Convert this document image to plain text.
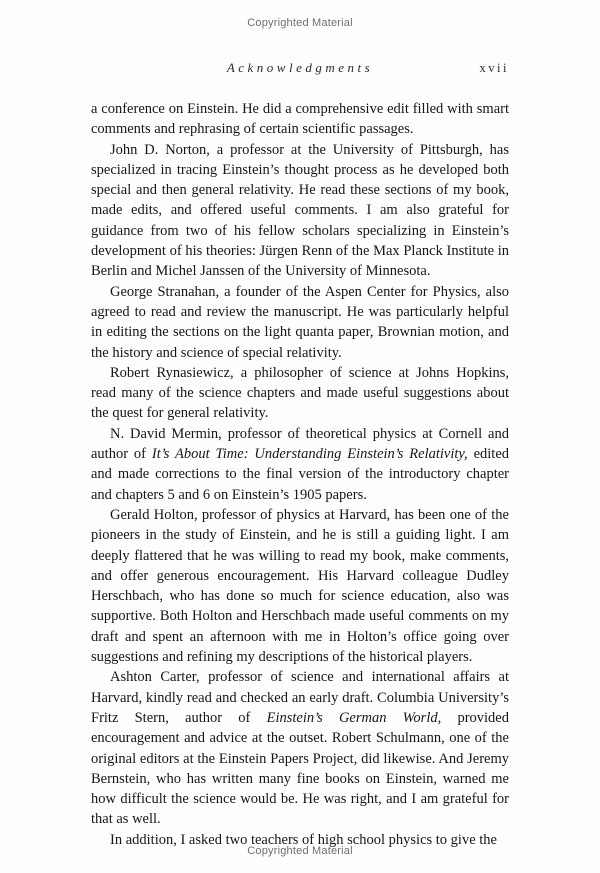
Copyrighted Material
Acknowledgments	xvii

a conference on Einstein. He did a comprehensive edit filled with smart comments and rephrasing of certain scientific passages.

John D. Norton, a professor at the University of Pittsburgh, has specialized in tracing Einstein’s thought process as he developed both special and then general relativity. He read these sections of my book, made edits, and offered useful comments. I am also grateful for guidance from two of his fellow scholars specializing in Einstein’s development of his theories: Jürgen Renn of the Max Planck Institute in Berlin and Michel Janssen of the University of Minnesota.

George Stranahan, a founder of the Aspen Center for Physics, also agreed to read and review the manuscript. He was particularly helpful in editing the sections on the light quanta paper, Brownian motion, and the history and science of special relativity.

Robert Rynasiewicz, a philosopher of science at Johns Hopkins, read many of the science chapters and made useful suggestions about the quest for general relativity.

N. David Mermin, professor of theoretical physics at Cornell and author of It’s About Time: Understanding Einstein’s Relativity, edited and made corrections to the final version of the introductory chapter and chapters 5 and 6 on Einstein’s 1905 papers.

Gerald Holton, professor of physics at Harvard, has been one of the pioneers in the study of Einstein, and he is still a guiding light. I am deeply flattered that he was willing to read my book, make comments, and offer generous encouragement. His Harvard colleague Dudley Herschbach, who has done so much for science education, also was supportive. Both Holton and Herschbach made useful comments on my draft and spent an afternoon with me in Holton’s office going over suggestions and refining my descriptions of the historical players.

Ashton Carter, professor of science and international affairs at Harvard, kindly read and checked an early draft. Columbia University’s Fritz Stern, author of Einstein’s German World, provided encouragement and advice at the outset. Robert Schulmann, one of the original editors at the Einstein Papers Project, did likewise. And Jeremy Bernstein, who has written many fine books on Einstein, warned me how difficult the science would be. He was right, and I am grateful for that as well.

In addition, I asked two teachers of high school physics to give the

Copyrighted Material
